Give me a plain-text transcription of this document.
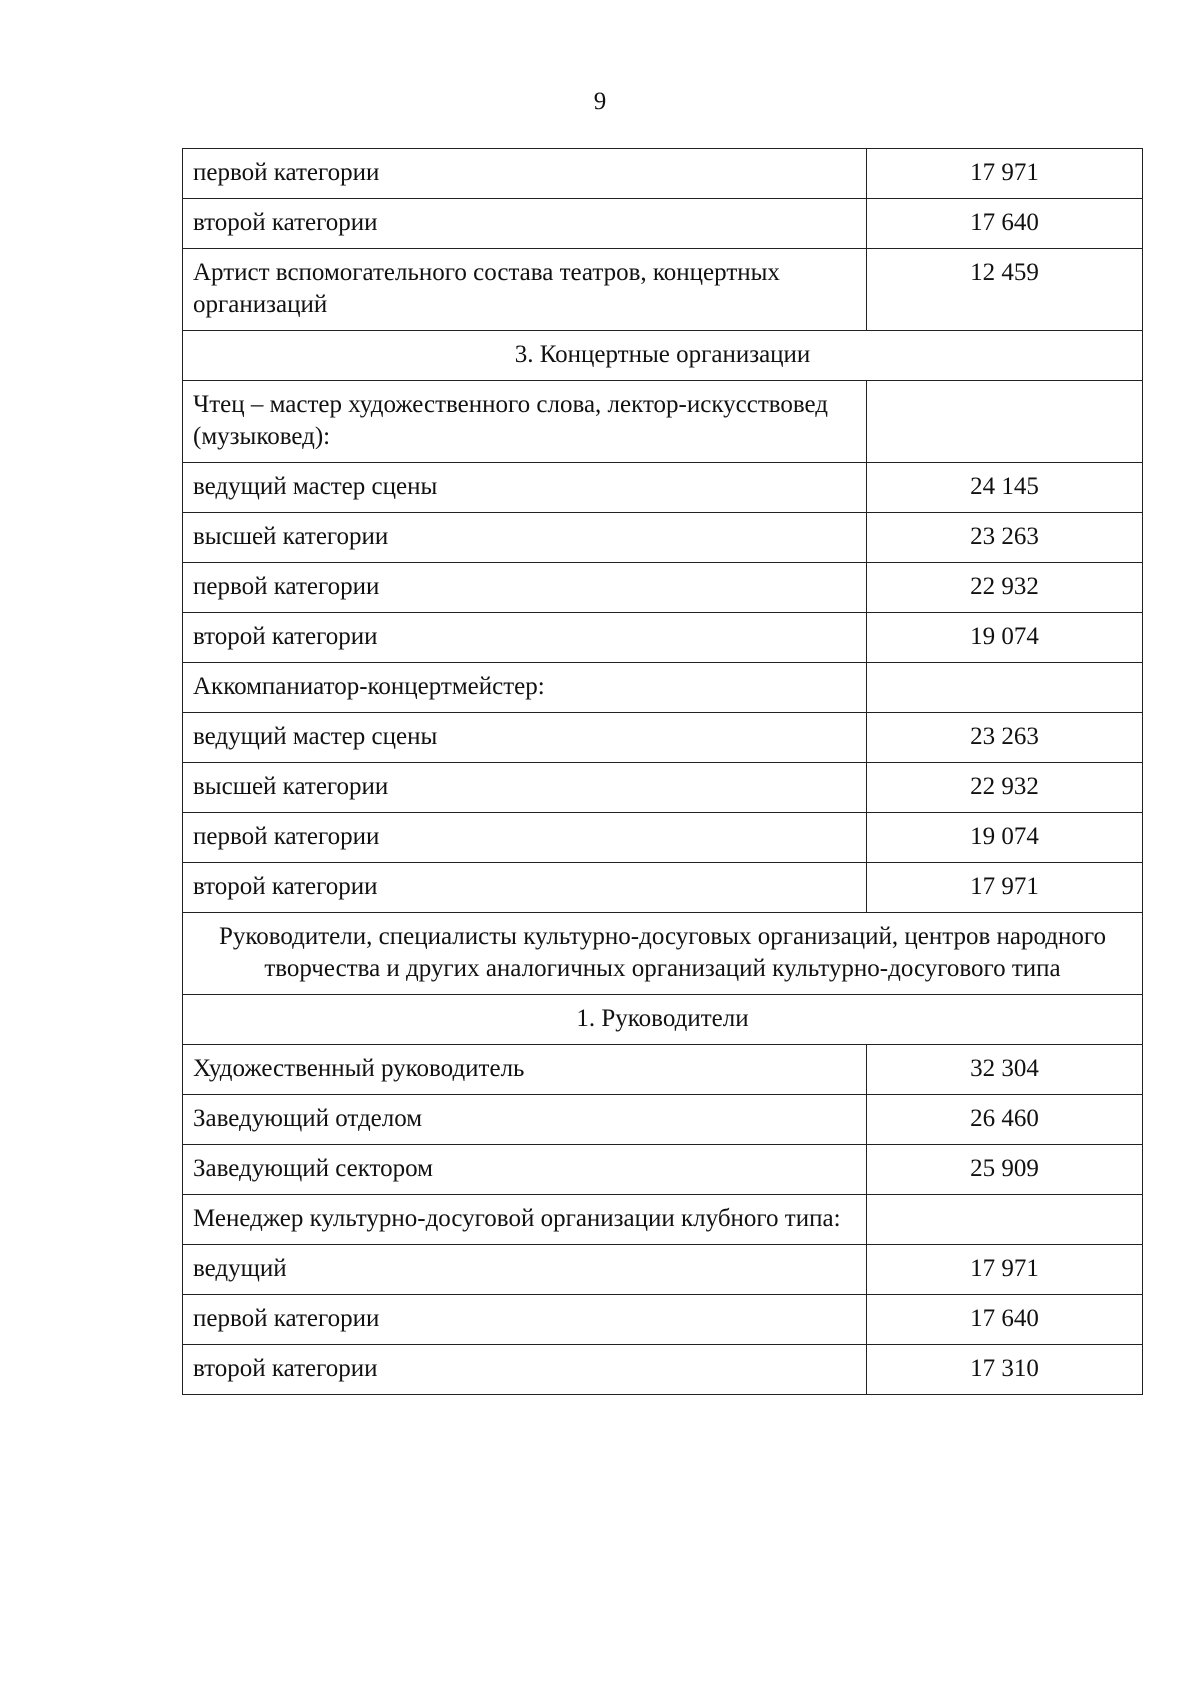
9
первой категории	17 971
второй категории	17 640
Артист вспомогательного состава театров, концертных организаций	12 459
3. Концертные организации	
Чтец – мастер художественного слова, лектор-искусствовед (музыковед):	
ведущий мастер сцены	24 145
высшей категории	23 263
первой категории	22 932
второй категории	19 074
Аккомпаниатор-концертмейстер:	
ведущий мастер сцены	23 263
высшей категории	22 932
первой категории	19 074
второй категории	17 971
Руководители, специалисты культурно-досуговых организаций, центров народного творчества и других аналогичных организаций культурно-досугового типа	
1. Руководители	
Художественный руководитель	32 304
Заведующий отделом	26 460
Заведующий сектором	25 909
Менеджер культурно-досуговой организации клубного типа:	
ведущий	17 971
первой категории	17 640
второй категории	17 310
